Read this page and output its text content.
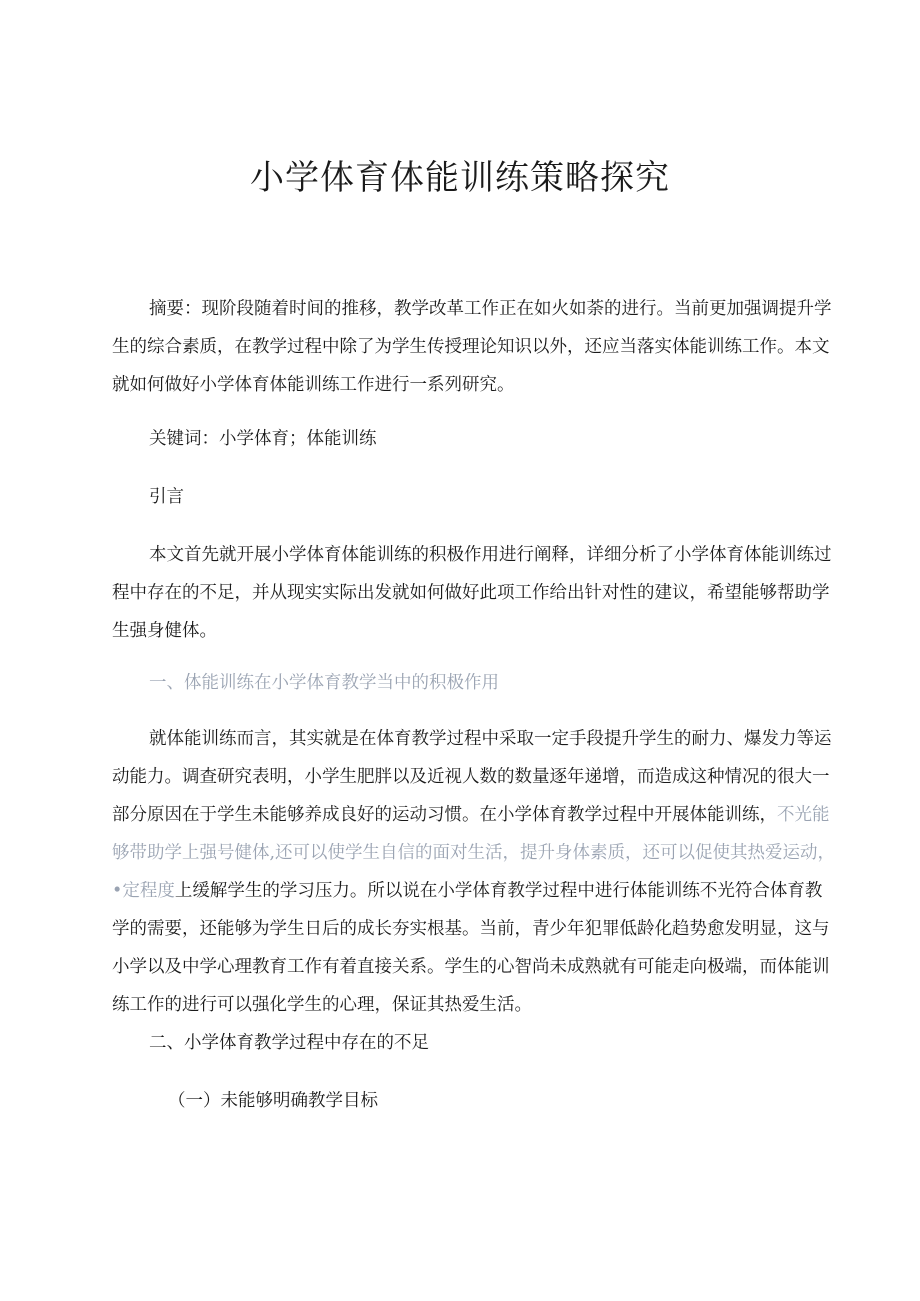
小学体育体能训练策略探究

摘要：现阶段随着时间的推移，教学改革工作正在如火如荼的进行。当前更加强调提升学
生的综合素质，在教学过程中除了为学生传授理论知识以外，还应当落实体能训练工作。本文
就如何做好小学体育体能训练工作进行一系列研究。

关键词：小学体育；体能训练

引言

本文首先就开展小学体育体能训练的积极作用进行阐释，详细分析了小学体育体能训练过
程中存在的不足，并从现实实际出发就如何做好此项工作给出针对性的建议，希望能够帮助学
生强身健体。

一、体能训练在小学体育教学当中的积极作用

就体能训练而言，其实就是在体育教学过程中采取一定手段提升学生的耐力、爆发力等运
动能力。调查研究表明，小学生肥胖以及近视人数的数量逐年递增，而造成这种情况的很大一
部分原因在于学生未能够养成良好的运动习惯。在小学体育教学过程中开展体能训练，不光能
够带助学上强号健体,还可以使学生自信的面对生活，提升身体素质，还可以促使其热爱运动，
•定程度上缓解学生的学习压力。所以说在小学体育教学过程中进行体能训练不光符合体育教
学的需要，还能够为学生日后的成长夯实根基。当前，青少年犯罪低龄化趋势愈发明显，这与
小学以及中学心理教育工作有着直接关系。学生的心智尚未成熟就有可能走向极端，而体能训
练工作的进行可以强化学生的心理，保证其热爱生活。

二、小学体育教学过程中存在的不足

（一）未能够明确教学目标
